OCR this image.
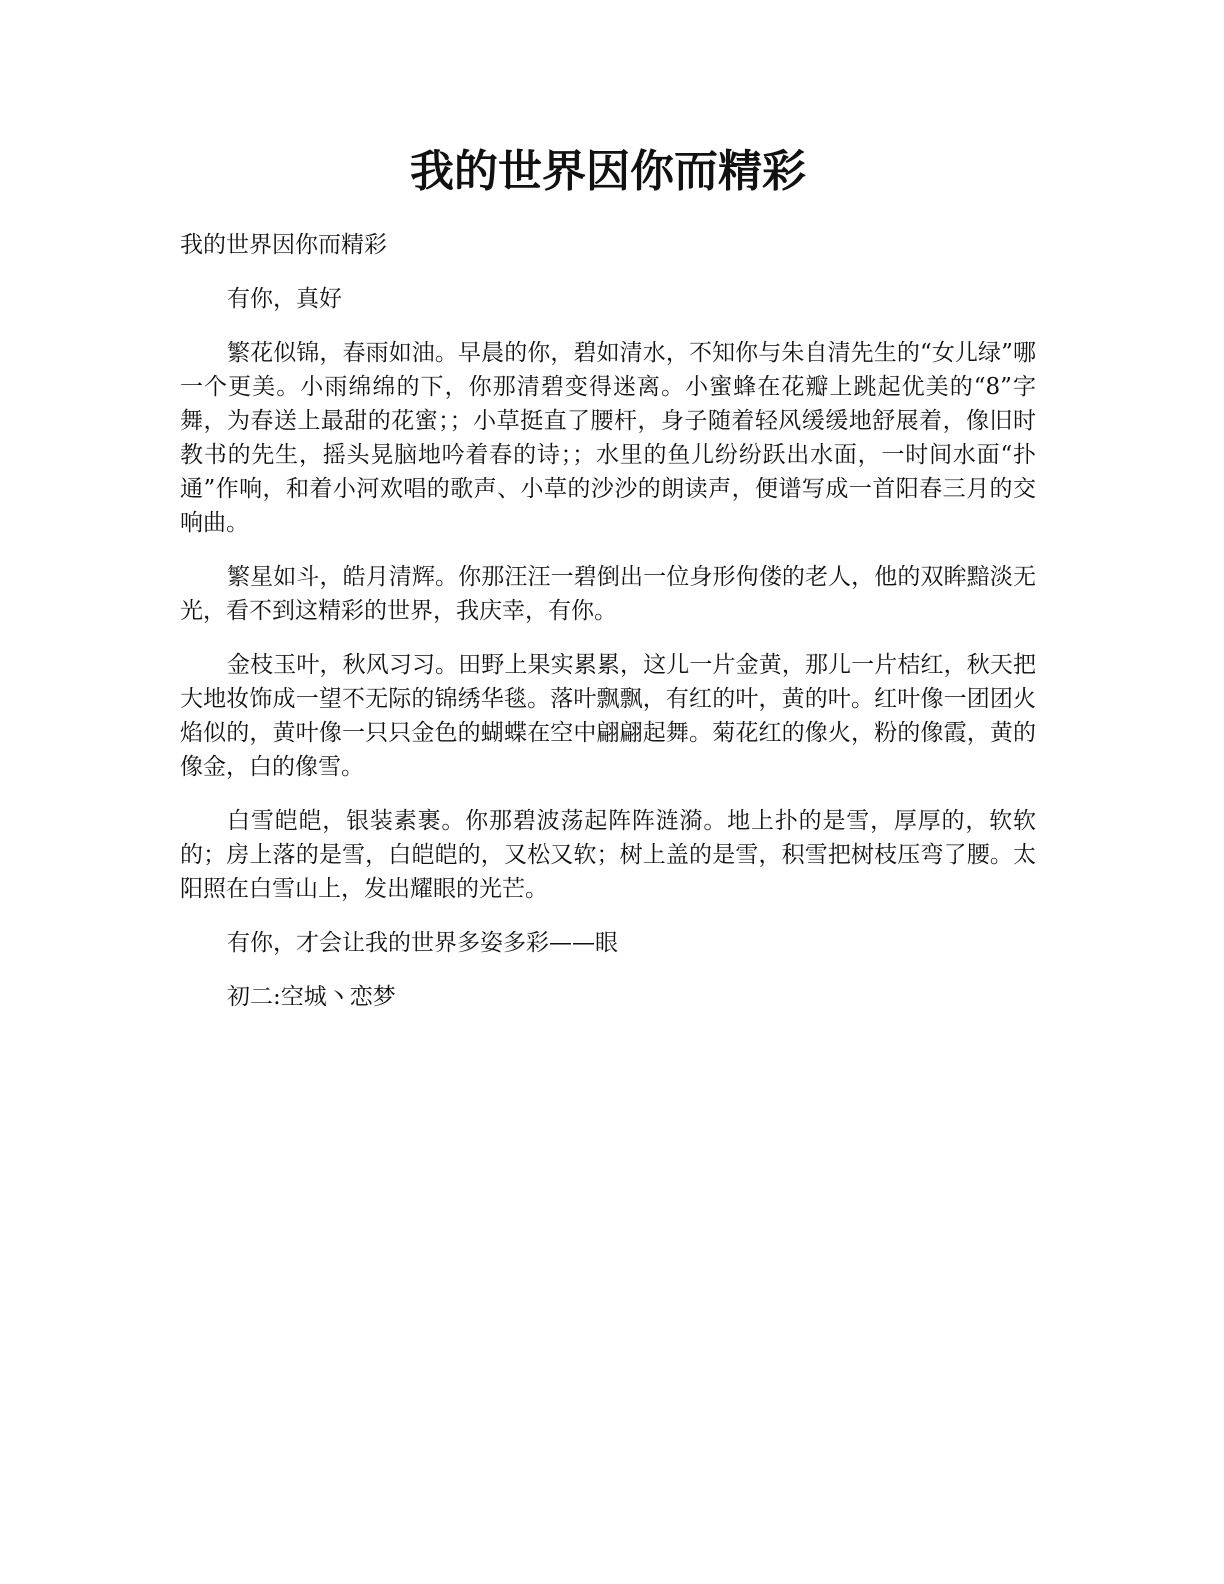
我的世界因你而精彩

我的世界因你而精彩

有你，真好

繁花似锦，春雨如油。早晨的你，碧如清水，不知你与朱自清先生的“女儿绿”哪一个更美。小雨绵绵的下，你那清碧变得迷离。小蜜蜂在花瓣上跳起优美的“8”字舞，为春送上最甜的花蜜；；小草挺直了腰杆，身子随着轻风缓缓地舒展着，像旧时教书的先生，摇头晃脑地吟着春的诗；；水里的鱼儿纷纷跃出水面，一时间水面“扑通”作响，和着小河欢唱的歌声、小草的沙沙的朗读声，便谱写成一首阳春三月的交响曲。

繁星如斗，皓月清辉。你那汪汪一碧倒出一位身形佝偻的老人，他的双眸黯淡无光，看不到这精彩的世界，我庆幸，有你。

金枝玉叶，秋风习习。田野上果实累累，这儿一片金黄，那儿一片桔红，秋天把大地妆饰成一望不无际的锦绣华毯。落叶飘飘，有红的叶，黄的叶。红叶像一团团火焰似的，黄叶像一只只金色的蝴蝶在空中翩翩起舞。菊花红的像火，粉的像霞，黄的像金，白的像雪。

白雪皑皑，银装素裹。你那碧波荡起阵阵涟漪。地上扑的是雪，厚厚的，软软的；房上落的是雪，白皑皑的，又松又软；树上盖的是雪，积雪把树枝压弯了腰。太阳照在白雪山上，发出耀眼的光芒。

有你，才会让我的世界多姿多彩——眼

初二:空城丶恋梦
